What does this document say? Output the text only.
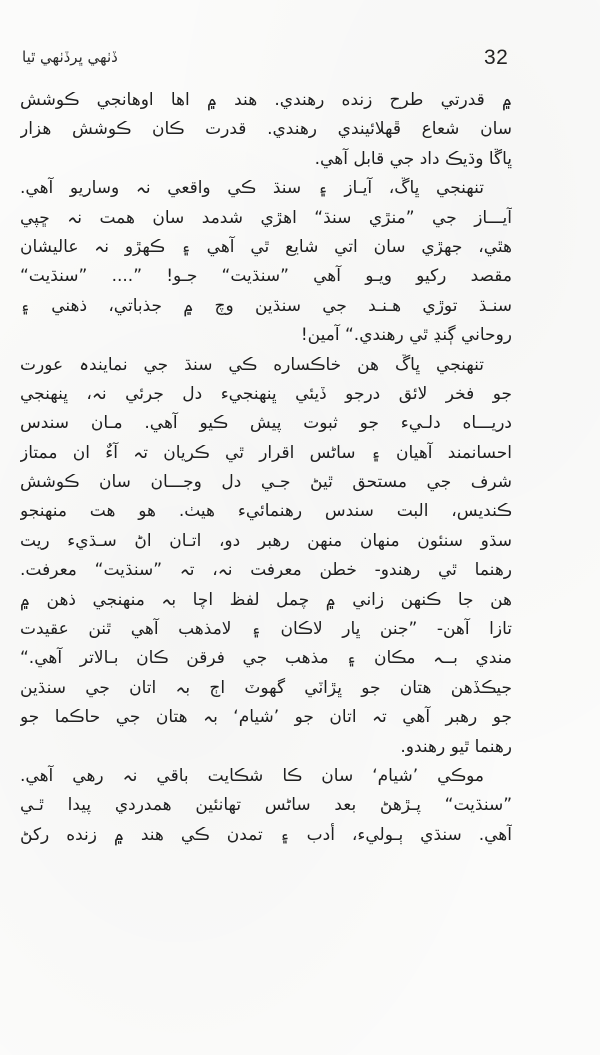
32
ڏٺھي ڀرڏٺھي ٿيا
۾ قدرتي طرح زنده رهندي. هند ۾ اھا اوھانجي ڪوشش
سان شعاع ڦهلائيندي رهندي. قدرت ڪان ڪوشش هزار
ڀاڱا وڌيڪ داد جي قابل آهي.
تنھنجي ڀاڱ، آيـاز ۽ سنڌ ڪي واقعي نہ وساريو آهي.
آيـــاز جي ”منڙي سنڌ“ اهڙي شدمد سان همت نہ ڇپي
هٿي، جهڙي سان اتي شايع ٿي آهي ۽ ڪهڙو نہ عاليشان
مقصد رکيو ويـو آهي ”سنڌيت“ جـو! ”.... ”سنڌيت“
سنـڌ توڙي هـنـد جي سنڌين وچ ۾ جذباتي، ذهني ۽
روحاني ڳنڍ ٿي رهندي.“ آمين!
تنھنجي ڀاڱ هن خاڪساره ڪي سنڌ جي نمايندہ عورت
جو فخر لائق درجو ڏيئي ڀنھنجيء دل جرئي نہ، ڀنھنجي
دريـــاه دلـيء جو ثبوت پيش ڪيو آهي. مـان سندس
احسانمند آهيان ۽ ساڻس اقرار ٿي ڪريان تہ آءٌ ان ممتاز
شرف جي مستحق ٿيڻ جـي دل وجـــان سان ڪوشش
ڪنديس، البت سندس رهنمائيء هيٺ. هو هت منھنجو
سڌو سنئون منهان منهن رهبر دو، اتـان اڻ سـڌيء ريت
رهنما ٿي رهندو- خطن معرفت نہ، تہ ”سنڌيت“ معرفت.
هن جا ڪنهن زاني ۾ چمل لفظ اچا بہ منھنجي ذهن ۾
تازا آهن- ”جنن ڀار لاڪان ۽ لامذهب آهي ٿنن عقيدت
مندي بــہ مڪان ۽ مذهب جي فرقن ڪان بـالاتر آهي.“
جيڪڏهن هتان جو ڀڙاٽي گهوٽ اڄ بہ اتان جي سنڌين
جو رهبر آهي تہ اتان جو ’شيام‘ بہ هتان جي حاڪما جو
رهنما ٿيو رهندو.
موڪي ’شيام‘ سان ڪا شڪايت باقي نہ رهي آهي.
”سنڌيت“ پـڙهڻ بعد ساڻس تھانئين همدردي پيدا ٿـي
آهي. سنڌي ٻـوليء، أدب ۽ تمدن ڪي هند ۾ زنده رکڻ
